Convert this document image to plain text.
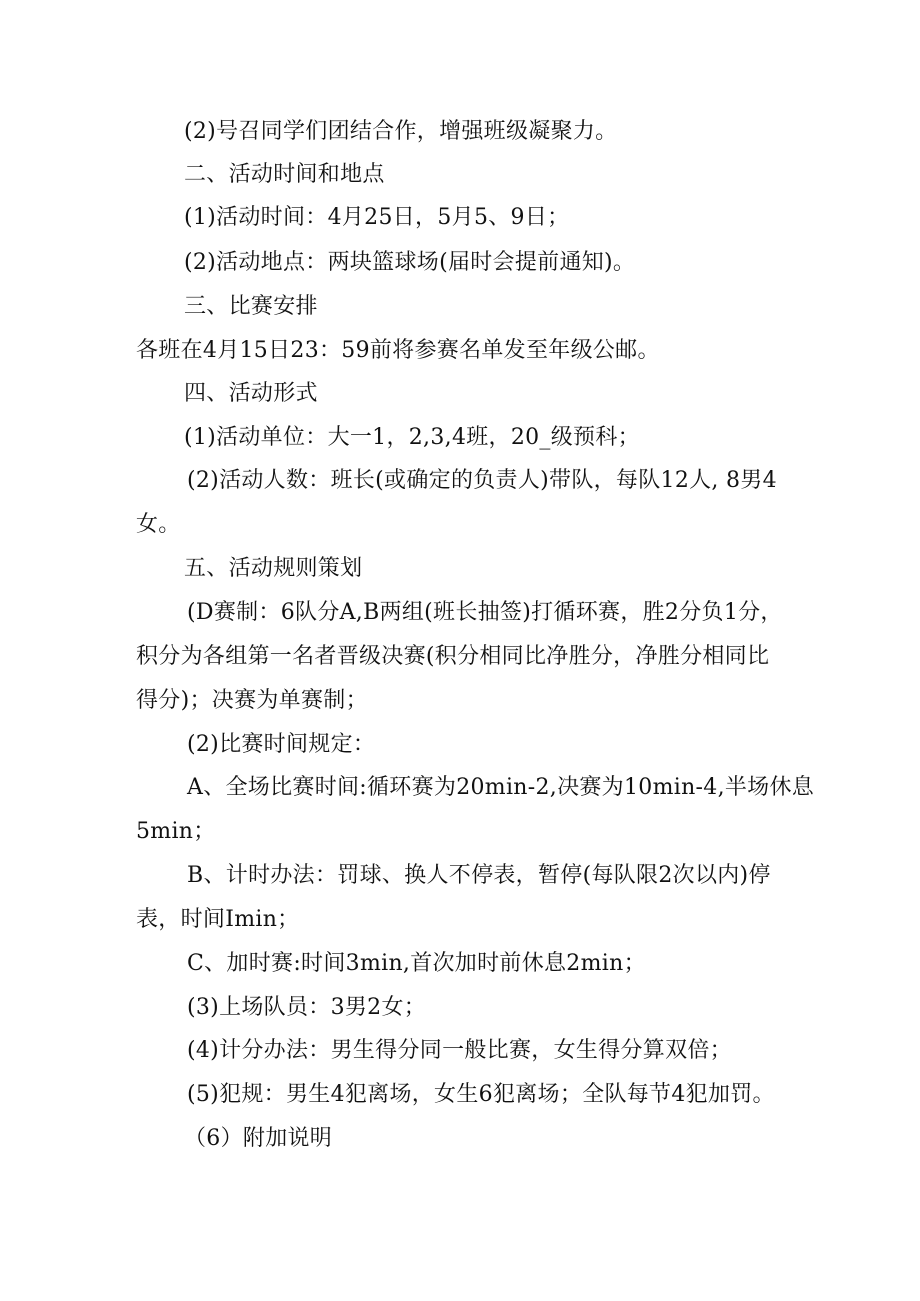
(2)号召同学们团结合作，增强班级凝聚力。
二、活动时间和地点
(1)活动时间：4月25日，5月5、9日；
(2)活动地点：两块篮球场(届时会提前通知)。
三、比赛安排
各班在4月15日23：59前将参赛名单发至年级公邮。
四、活动形式
(1)活动单位：大一1，2,3,4班，20_级预科；
(2)活动人数：班长(或确定的负责人)带队，每队12人, 8男4
女。
五、活动规则策划
(D赛制：6队分A,B两组(班长抽签)打循环赛，胜2分负1分，
积分为各组第一名者晋级决赛(积分相同比净胜分，净胜分相同比
得分)；决赛为单赛制；
(2)比赛时间规定：
A、全场比赛时间:循环赛为20min-2,决赛为10min-4,半场休息
5min；
B、计时办法：罚球、换人不停表，暂停(每队限2次以内)停
表，时间Imin；
C、加时赛:时间3min,首次加时前休息2min；
(3)上场队员：3男2女；
(4)计分办法：男生得分同一般比赛，女生得分算双倍；
(5)犯规：男生4犯离场，女生6犯离场；全队每节4犯加罚。
（6）附加说明
